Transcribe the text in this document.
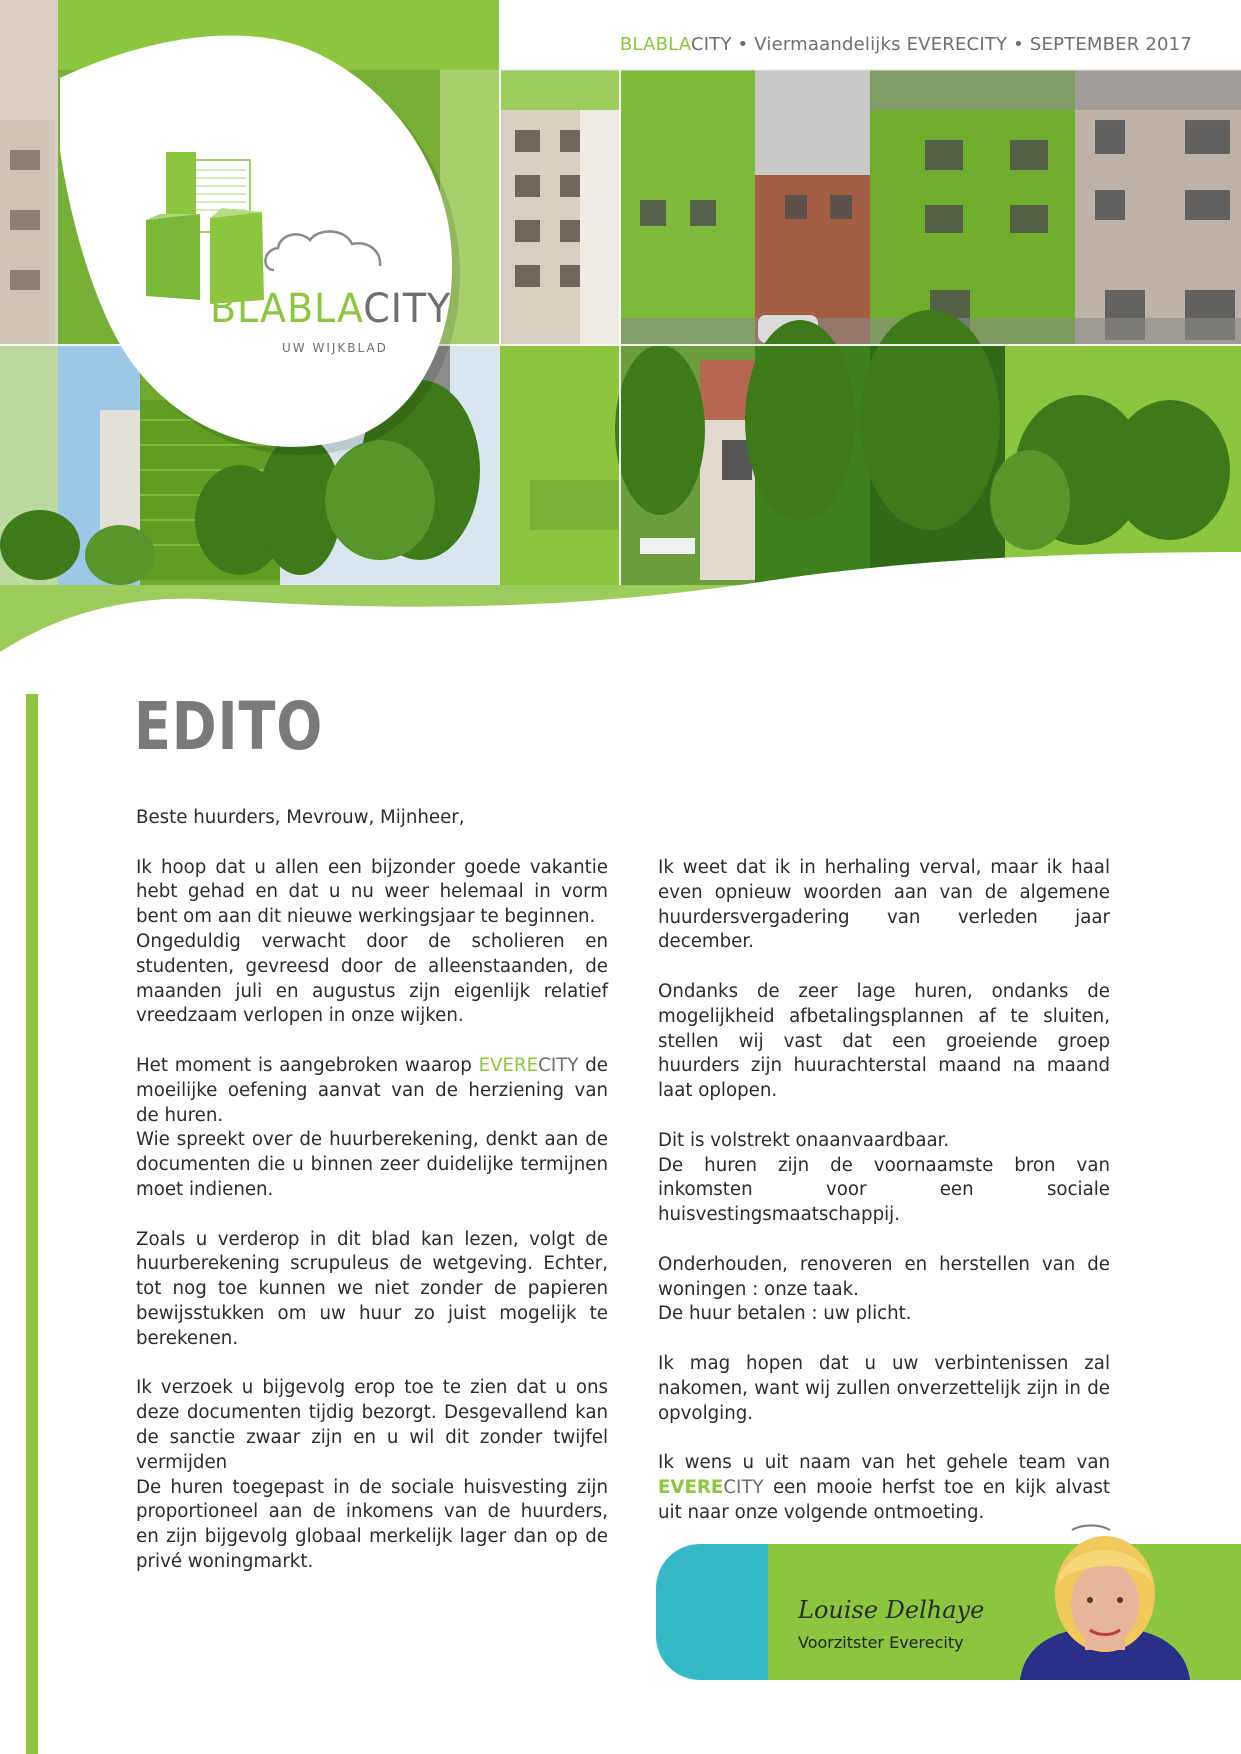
BLABLACITY
UW WIJKBLAD
BLABLACITY • Viermaandelijks EVERECITY • SEPTEMBER 2017
EDITO

Beste huurders, Mevrouw, Mijnheer,

Ik hoop dat u allen een bijzonder goede vakantie hebt gehad en dat u nu weer helemaal in vorm bent om aan dit nieuwe werkingsjaar te beginnen.

Ongeduldig verwacht door de scholieren en studenten, gevreesd door de alleenstaanden, de maanden juli en augustus zijn eigenlijk relatief vreedzaam verlopen in onze wijken.

Het moment is aangebroken waarop EVERECITY de moeilijke oefening aanvat van de herziening van de huren.

Wie spreekt over de huurberekening, denkt aan de documenten die u binnen zeer duidelijke termijnen moet indienen.

Zoals u verderop in dit blad kan lezen, volgt de huurberekening scrupuleus de wetgeving. Echter, tot nog toe kunnen we niet zonder de papieren bewijsstukken om uw huur zo juist mogelijk te berekenen.

Ik verzoek u bijgevolg erop toe te zien dat u ons deze documenten tijdig bezorgt. Desgevallend kan de sanctie zwaar zijn en u wil dit zonder twijfel vermijden

De huren toegepast in de sociale huisvesting zijn proportioneel aan de inkomens van de huurders, en zijn bijgevolg globaal merkelijk lager dan op de privé woningmarkt.

Ik weet dat ik in herhaling verval, maar ik haal even opnieuw woorden aan van de algemene huurdersvergadering van verleden jaar december.

Ondanks de zeer lage huren, ondanks de mogelijkheid afbetalingsplannen af te sluiten, stellen wij vast dat een groeiende groep huurders zijn huurachterstal maand na maand laat oplopen.

Dit is volstrekt onaanvaardbaar.

De huren zijn de voornaamste bron van inkomsten voor een sociale huisvestingsmaatschappij.

Onderhouden, renoveren en herstellen van de woningen : onze taak.

De huur betalen : uw plicht.

Ik mag hopen dat u uw verbintenissen zal nakomen, want wij zullen onverzettelijk zijn in de opvolging.

Ik wens u uit naam van het gehele team van EVERECITY een mooie herfst toe en kijk alvast uit naar onze volgende ontmoeting.

Louise Delhaye
Voorzitster Everecity
